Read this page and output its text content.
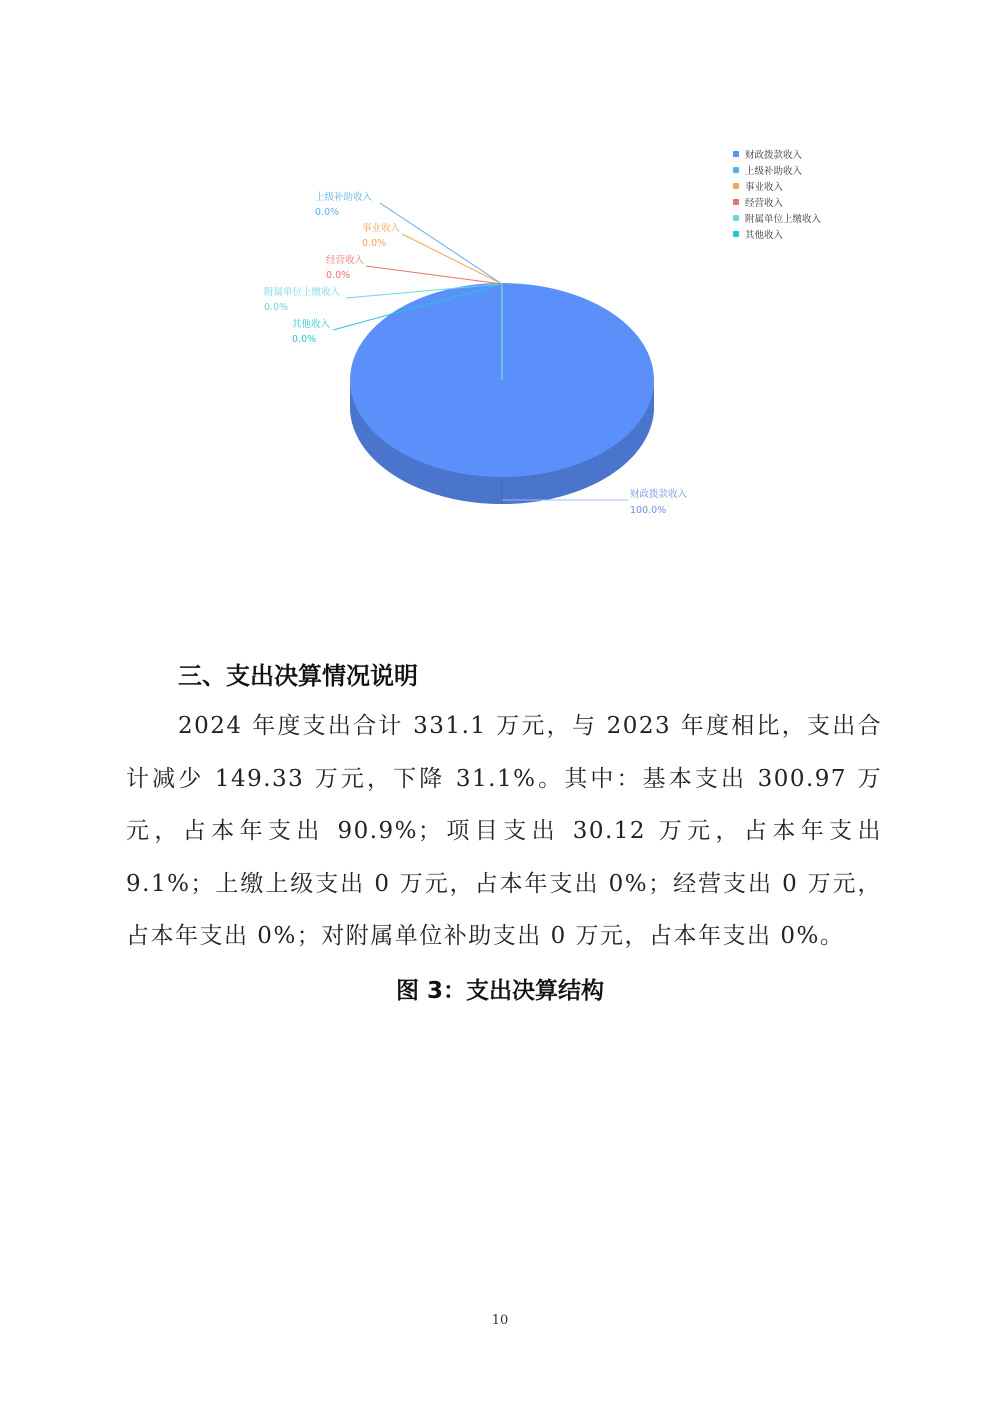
财政拨款收入
100.0%
上级补助收入
0.0%
事业收入
0.0%
经营收入
0.0%
附属单位上缴收入
0.0%
其他收入
0.0%
财政拨款收入
上级补助收入
事业收入
经营收入
附属单位上缴收入
其他收入
三、支出决算情况说明

2024 年度支出合计 331.1 万元，与 2023 年度相比，支出合计减少 149.33 万元，下降 31.1%。其中：基本支出 300.97 万元，占本年支出 90.9%；项目支出 30.12 万元，占本年支出 9.1%；上缴上级支出 0 万元，占本年支出 0%；经营支出 0 万元，占本年支出 0%；对附属单位补助支出 0 万元，占本年支出 0%。

图 3：支出决算结构
10
